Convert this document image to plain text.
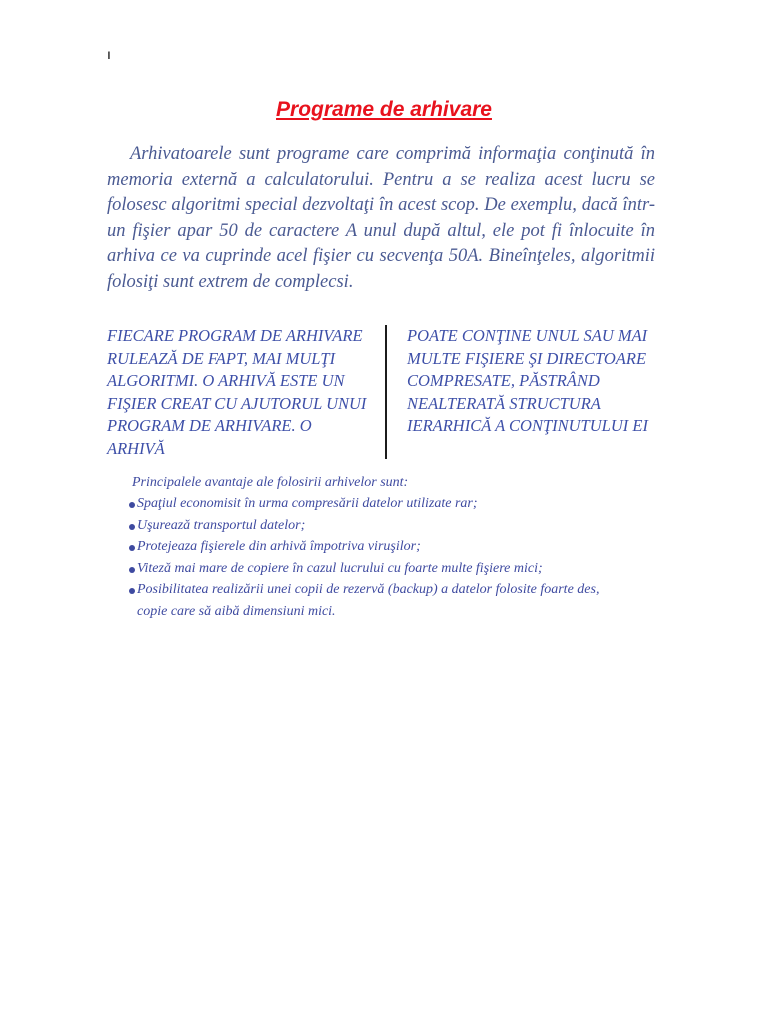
ı
Programe de arhivare

Arhivatoarele sunt programe care comprimă informaţia conţinută în memoria externă a calculatorului. Pentru a se realiza acest lucru se folosesc algoritmi special dezvoltaţi în acest scop. De exemplu, dacă într-un fişier apar 50 de caractere A unul după altul, ele pot fi înlocuite în arhiva ce va cuprinde acel fişier cu secvenţa 50A. Bineînţeles, algoritmii folosiţi sunt extrem de complecsi.

FIECARE PROGRAM DE ARHIVARE RULEAZĂ DE FAPT, MAI MULŢI ALGORITMI. O ARHIVĂ ESTE UN FIŞIER CREAT CU AJUTORUL UNUI PROGRAM DE ARHIVARE. O ARHIVĂ

POATE CONŢINE UNUL SAU MAI MULTE FIŞIERE ŞI DIRECTOARE COMPRESATE, PĂSTRÂND NEALTERATĂ STRUCTURA IERARHICĂ A CONŢINUTULUI EI

Principalele avantaje ale folosirii arhivelor sunt:
Spaţiul economisit în urma compresării datelor utilizate rar;
Uşurează transportul datelor;
Protejeaza fişierele din arhivă împotriva viruşilor;
Viteză mai mare de copiere în cazul lucrului cu foarte multe fişiere mici;
Posibilitatea realizării unei copii de rezervă (backup) a datelor folosite foarte des, copie care să aibă dimensiuni mici.
